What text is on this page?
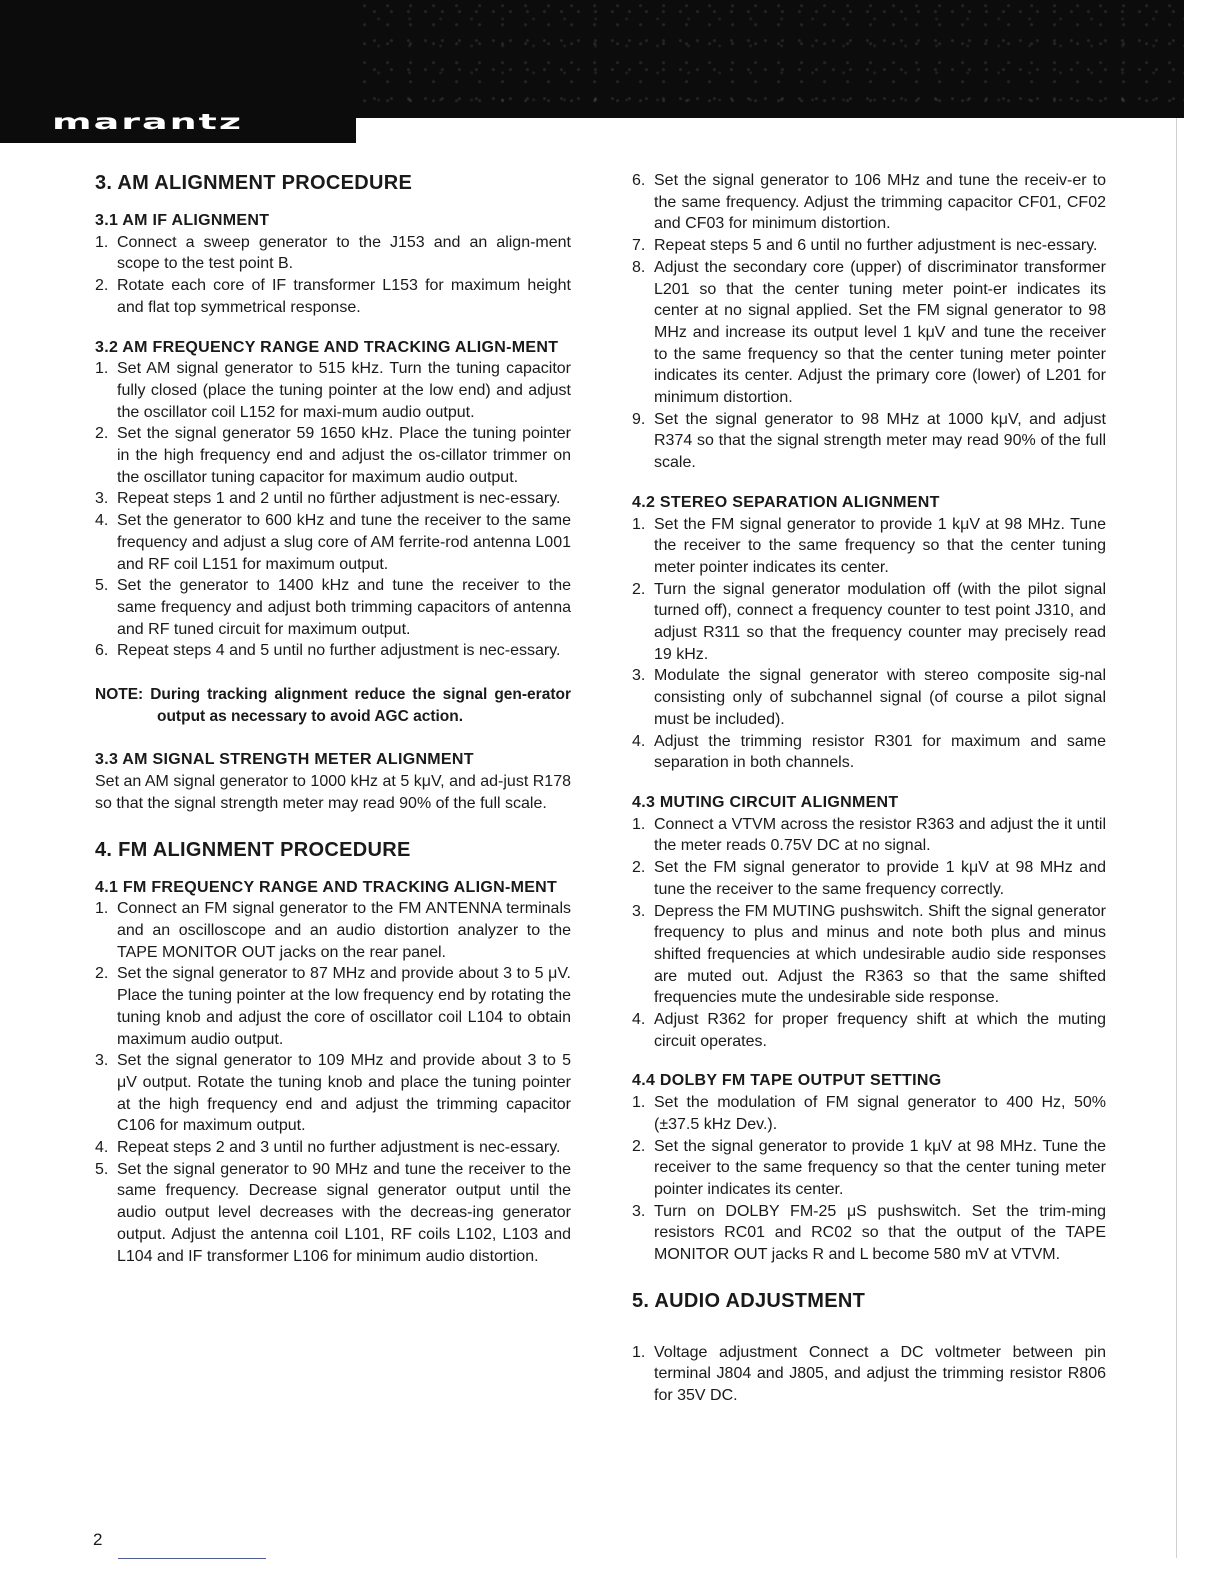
marantz
3. AM ALIGNMENT PROCEDURE
3.1 AM IF ALIGNMENT
1. Connect a sweep generator to the J153 and an align-ment scope to the test point B.
2. Rotate each core of IF transformer L153 for maximum height and flat top symmetrical response.
3.2 AM FREQUENCY RANGE AND TRACKING ALIGN-MENT
1. Set AM signal generator to 515 kHz. Turn the tuning capacitor fully closed (place the tuning pointer at the low end) and adjust the oscillator coil L152 for maxi-mum audio output.
2. Set the signal generator 59 1650 kHz. Place the tuning pointer in the high frequency end and adjust the os-cillator trimmer on the oscillator tuning capacitor for maximum audio output.
3. Repeat steps 1 and 2 until no fūrther adjustment is nec-essary.
4. Set the generator to 600 kHz and tune the receiver to the same frequency and adjust a slug core of AM ferrite-rod antenna L001 and RF coil L151 for maximum output.
5. Set the generator to 1400 kHz and tune the receiver to the same frequency and adjust both trimming capacitors of antenna and RF tuned circuit for maximum output.
6. Repeat steps 4 and 5 until no further adjustment is nec-essary.

NOTE: During tracking alignment reduce the signal gen-erator output as necessary to avoid AGC action.

3.3 AM SIGNAL STRENGTH METER ALIGNMENT

Set an AM signal generator to 1000 kHz at 5 kμV, and ad-just R178 so that the signal strength meter may read 90% of the full scale.

4. FM ALIGNMENT PROCEDURE
4.1 FM FREQUENCY RANGE AND TRACKING ALIGN-MENT
1. Connect an FM signal generator to the FM ANTENNA terminals and an oscilloscope and an audio distortion analyzer to the TAPE MONITOR OUT jacks on the rear panel.
2. Set the signal generator to 87 MHz and provide about 3 to 5 μV. Place the tuning pointer at the low frequency end by rotating the tuning knob and adjust the core of oscillator coil L104 to obtain maximum audio output.
3. Set the signal generator to 109 MHz and provide about 3 to 5 μV output. Rotate the tuning knob and place the tuning pointer at the high frequency end and adjust the trimming capacitor C106 for maximum output.
4. Repeat steps 2 and 3 until no further adjustment is nec-essary.
5. Set the signal generator to 90 MHz and tune the receiver to the same frequency. Decrease signal generator output until the audio output level decreases with the decreas-ing generator output. Adjust the antenna coil L101, RF coils L102, L103 and L104 and IF transformer L106 for minimum audio distortion.
6. Set the signal generator to 106 MHz and tune the receiv-er to the same frequency. Adjust the trimming capacitor CF01, CF02 and CF03 for minimum distortion.
7. Repeat steps 5 and 6 until no further adjustment is nec-essary.
8. Adjust the secondary core (upper) of discriminator transformer L201 so that the center tuning meter point-er indicates its center at no signal applied. Set the FM signal generator to 98 MHz and increase its output level 1 kμV and tune the receiver to the same frequency so that the center tuning meter pointer indicates its center. Adjust the primary core (lower) of L201 for minimum distortion.
9. Set the signal generator to 98 MHz at 1000 kμV, and adjust R374 so that the signal strength meter may read 90% of the full scale.
4.2 STEREO SEPARATION ALIGNMENT
1. Set the FM signal generator to provide 1 kμV at 98 MHz. Tune the receiver to the same frequency so that the center tuning meter pointer indicates its center.
2. Turn the signal generator modulation off (with the pilot signal turned off), connect a frequency counter to test point J310, and adjust R311 so that the frequency counter may precisely read 19 kHz.
3. Modulate the signal generator with stereo composite sig-nal consisting only of subchannel signal (of course a pilot signal must be included).
4. Adjust the trimming resistor R301 for maximum and same separation in both channels.
4.3 MUTING CIRCUIT ALIGNMENT
1. Connect a VTVM across the resistor R363 and adjust the it until the meter reads 0.75V DC at no signal.
2. Set the FM signal generator to provide 1 kμV at 98 MHz and tune the receiver to the same frequency correctly.
3. Depress the FM MUTING pushswitch. Shift the signal generator frequency to plus and minus and note both plus and minus shifted frequencies at which undesirable audio side responses are muted out. Adjust the R363 so that the same shifted frequencies mute the undesirable side response.
4. Adjust R362 for proper frequency shift at which the muting circuit operates.
4.4 DOLBY FM TAPE OUTPUT SETTING
1. Set the modulation of FM signal generator to 400 Hz, 50% (±37.5 kHz Dev.).
2. Set the signal generator to provide 1 kμV at 98 MHz. Tune the receiver to the same frequency so that the center tuning meter pointer indicates its center.
3. Turn on DOLBY FM-25 μS pushswitch. Set the trim-ming resistors RC01 and RC02 so that the output of the TAPE MONITOR OUT jacks R and L become 580 mV at VTVM.
5. AUDIO ADJUSTMENT
1. Voltage adjustment Connect a DC voltmeter between pin terminal J804 and J805, and adjust the trimming resistor R806 for 35V DC.
2
